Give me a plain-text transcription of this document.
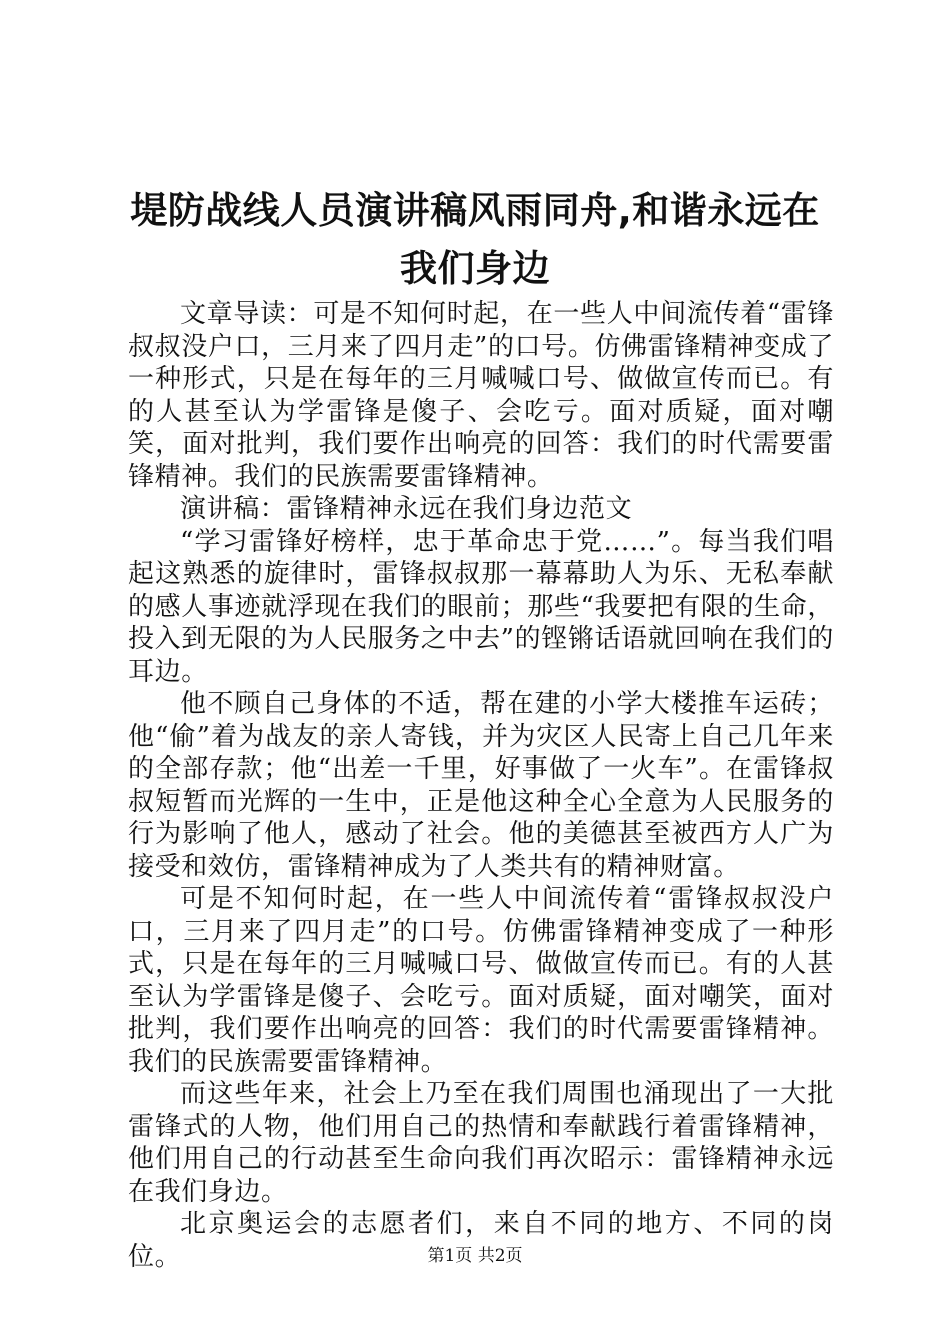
堤防战线人员演讲稿风雨同舟,和谐永远在我们身边

文章导读：可是不知何时起，在一些人中间流传着“雷锋叔叔没户口，三月来了四月走”的口号。仿佛雷锋精神变成了一种形式，只是在每年的三月喊喊口号、做做宣传而已。有的人甚至认为学雷锋是傻子、会吃亏。面对质疑，面对嘲笑，面对批判，我们要作出响亮的回答：我们的时代需要雷锋精神。我们的民族需要雷锋精神。

演讲稿：雷锋精神永远在我们身边范文

“学习雷锋好榜样，忠于革命忠于党……”。每当我们唱起这熟悉的旋律时，雷锋叔叔那一幕幕助人为乐、无私奉献的感人事迹就浮现在我们的眼前；那些“我要把有限的生命，投入到无限的为人民服务之中去”的铿锵话语就回响在我们的耳边。

他不顾自己身体的不适，帮在建的小学大楼推车运砖；他“偷”着为战友的亲人寄钱，并为灾区人民寄上自己几年来的全部存款；他“出差一千里，好事做了一火车”。在雷锋叔叔短暂而光辉的一生中，正是他这种全心全意为人民服务的行为影响了他人，感动了社会。他的美德甚至被西方人广为接受和效仿，雷锋精神成为了人类共有的精神财富。

可是不知何时起，在一些人中间流传着“雷锋叔叔没户口，三月来了四月走”的口号。仿佛雷锋精神变成了一种形式，只是在每年的三月喊喊口号、做做宣传而已。有的人甚至认为学雷锋是傻子、会吃亏。面对质疑，面对嘲笑，面对批判，我们要作出响亮的回答：我们的时代需要雷锋精神。我们的民族需要雷锋精神。

而这些年来，社会上乃至在我们周围也涌现出了一大批雷锋式的人物，他们用自己的热情和奉献践行着雷锋精神，他们用自己的行动甚至生命向我们再次昭示：雷锋精神永远在我们身边。

北京奥运会的志愿者们，来自不同的地方、不同的岗位。	第1页 共2页
